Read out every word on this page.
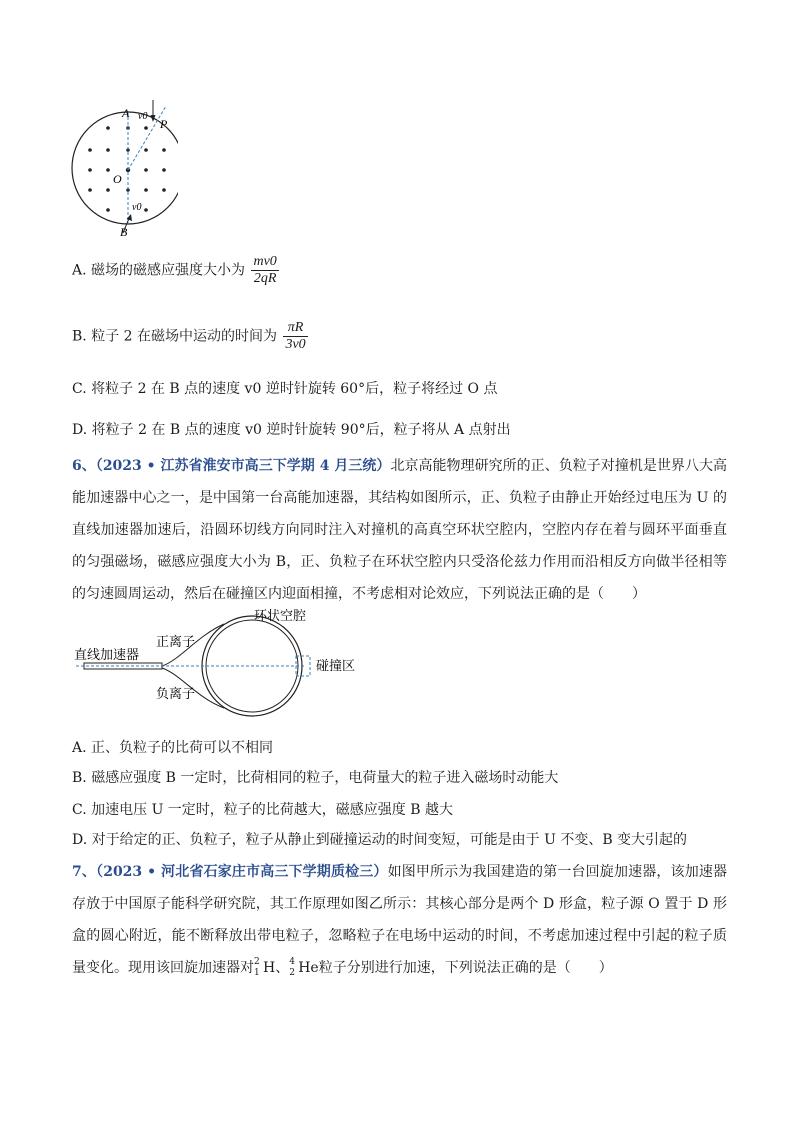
A
O
P
B
v0
v0
A. 磁场的磁感应强度大小为 $\frac{mv0}{2qR}$
B. 粒子 2 在磁场中运动的时间为 $\frac{\pi R}{3v0}$
C. 将粒子 2 在 B 点的速度 v0 逆时针旋转 60°后，粒子将经过 O 点
D. 将粒子 2 在 B 点的速度 v0 逆时针旋转 90°后，粒子将从 A 点射出
6、（2023 • 江苏省淮安市高三下学期 4 月三统）北京高能物理研究所的正、负粒子对撞机是世界八大高能加速器中心之一，是中国第一台高能加速器，其结构如图所示，正、负粒子由静止开始经过电压为 U 的直线加速器加速后，沿圆环切线方向同时注入对撞机的高真空环状空腔内，空腔内存在着与圆环平面垂直的匀强磁场，磁感应强度大小为 B，正、负粒子在环状空腔内只受洛伦兹力作用而沿相反方向做半径相等的匀速圆周运动，然后在碰撞区内迎面相撞，不考虑相对论效应，下列说法正确的是（　　）
环状空腔
直线加速器
正离子
负离子
碰撞区
A. 正、负粒子的比荷可以不相同
B. 磁感应强度 B 一定时，比荷相同的粒子，电荷量大的粒子进入磁场时动能大
C. 加速电压 U 一定时，粒子的比荷越大，磁感应强度 B 越大
D. 对于给定的正、负粒子，粒子从静止到碰撞运动的时间变短，可能是由于 U 不变、B 变大引起的
7、（2023 • 河北省石家庄市高三下学期质检三）如图甲所示为我国建造的第一台回旋加速器，该加速器存放于中国原子能科学研究院，其工作原理如图乙所示：其核心部分是两个 D 形盒，粒子源 O 置于 D 形盒的圆心附近，能不断释放出带电粒子，忽略粒子在电场中运动的时间，不考虑加速过程中引起的粒子质量变化。现用该回旋加速器对 2
1 H、 4
2 He粒子分别进行加速，下列说法正确的是（　　）
